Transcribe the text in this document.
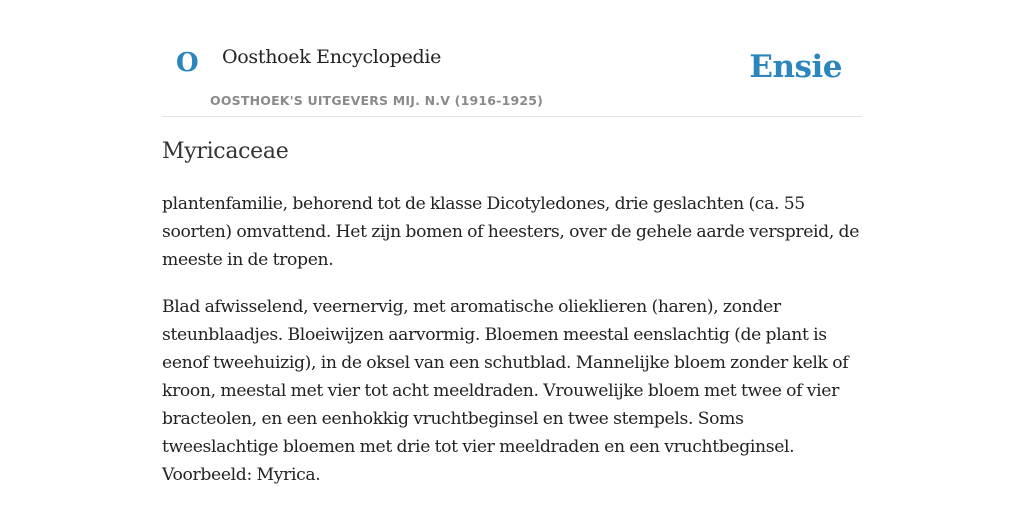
O Oosthoek Encyclopedie
OOSTHOEK'S UITGEVERS MIJ. N.V (1916-1925)
Ensie
Myricaceae

plantenfamilie, behorend tot de klasse Dicotyledones, drie geslachten (ca. 55 soorten) omvattend. Het zijn bomen of heesters, over de gehele aarde verspreid, de meeste in de tropen.

Blad afwisselend, veernervig, met aromatische olieklieren (haren), zonder steunblaadjes. Bloeiwijzen aarvormig. Bloemen meestal eenslachtig (de plant is eenof tweehuizig), in de oksel van een schutblad. Mannelijke bloem zonder kelk of kroon, meestal met vier tot acht meeldraden. Vrouwelijke bloem met twee of vier bracteolen, en een eenhokkig vruchtbeginsel en twee stempels. Soms tweeslachtige bloemen met drie tot vier meeldraden en een vruchtbeginsel. Voorbeeld: Myrica.
